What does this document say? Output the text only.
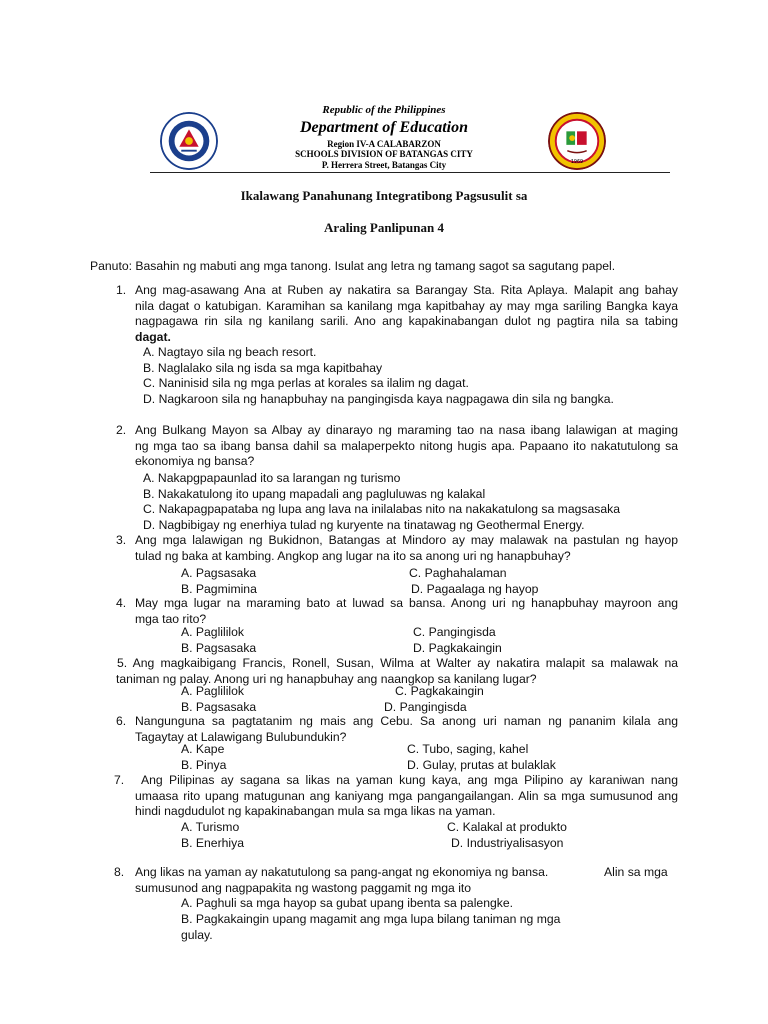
1969
Republic of the Philippines
Department of Education
Region IV-A CALABARZON
SCHOOLS DIVISION OF BATANGAS CITY
P. Herrera Street, Batangas City
Ikalawang Panahunang Integratibong Pagsusulit sa
Araling Panlipunan 4
Panuto: Basahin ng mabuti ang mga tanong. Isulat ang letra ng tamang sagot sa sagutang papel.
1. Ang mag-asawang Ana at Ruben ay nakatira sa Barangay Sta. Rita Aplaya. Malapit ang bahay
nila dagat o katubigan. Karamihan sa kanilang mga kapitbahay ay may mga sariling Bangka kaya
nagpagawa rin sila ng kanilang sarili. Ano ang kapakinabangan dulot ng pagtira nila sa tabing
dagat.
A. Nagtayo sila ng beach resort.
B. Naglalako sila ng isda sa mga kapitbahay
C. Naninisid sila ng mga perlas at korales sa ilalim ng dagat.
D. Nagkaroon sila ng hanapbuhay na pangingisda kaya nagpagawa din sila ng bangka.
2. Ang Bulkang Mayon sa Albay ay dinarayo ng maraming tao na nasa ibang lalawigan at maging
ng mga tao sa ibang bansa dahil sa malaperpekto nitong hugis apa. Papaano ito nakatutulong sa
ekonomiya ng bansa?
A. Nakapgpapaunlad ito sa larangan ng turismo
B. Nakakatulong ito upang mapadali ang pagluluwas ng kalakal
C. Nakapagpapataba ng lupa ang lava na inilalabas nito na nakakatulong sa magsasaka
D. Nagbibigay ng enerhiya tulad ng kuryente na tinatawag ng Geothermal Energy.
3. Ang mga lalawigan ng Bukidnon, Batangas at Mindoro ay may malawak na pastulan ng hayop
tulad ng baka at kambing. Angkop ang lugar na ito sa anong uri ng hanapbuhay?
A. Pagsasaka	C. Paghahalaman
B. Pagmimina	D. Pagaalaga ng hayop
4. May mga lugar na maraming bato at luwad sa bansa. Anong uri ng hanapbuhay mayroon ang
mga tao rito?
A. Paglililok	C. Pangingisda
B. Pagsasaka	D. Pagkakaingin
5. Ang magkaibigang Francis, Ronell, Susan, Wilma at Walter ay nakatira malapit sa malawak na
taniman ng palay. Anong uri ng hanapbuhay ang naangkop sa kanilang lugar?
A. Paglililok	C. Pagkakaingin
B. Pagsasaka	D. Pangingisda
6. Nangunguna sa pagtatanim ng mais ang Cebu. Sa anong uri naman ng pananim kilala ang
Tagaytay at Lalawigang Bulubundukin?
A. Kape	C. Tubo, saging, kahel
B. Pinya	D. Gulay, prutas at bulaklak
7. Ang Pilipinas ay sagana sa likas na yaman kung kaya, ang mga Pilipino ay karaniwan nang
umaasa rito upang matugunan ang kaniyang mga pangangailangan. Alin sa mga sumusunod ang
hindi nagdudulot ng kapakinabangan mula sa mga likas na yaman.
A. Turismo	C. Kalakal at produkto
B. Enerhiya	D. Industriyalisasyon
8. Ang likas na yaman ay nakatutulong sa pang-angat ng ekonomiya ng bansa.	Alin sa mga
sumusunod ang nagpapakita ng wastong paggamit ng mga ito
A. Paghuli sa mga hayop sa gubat upang ibenta sa palengke.
B. Pagkakaingin upang magamit ang mga lupa bilang taniman ng mga
gulay.
